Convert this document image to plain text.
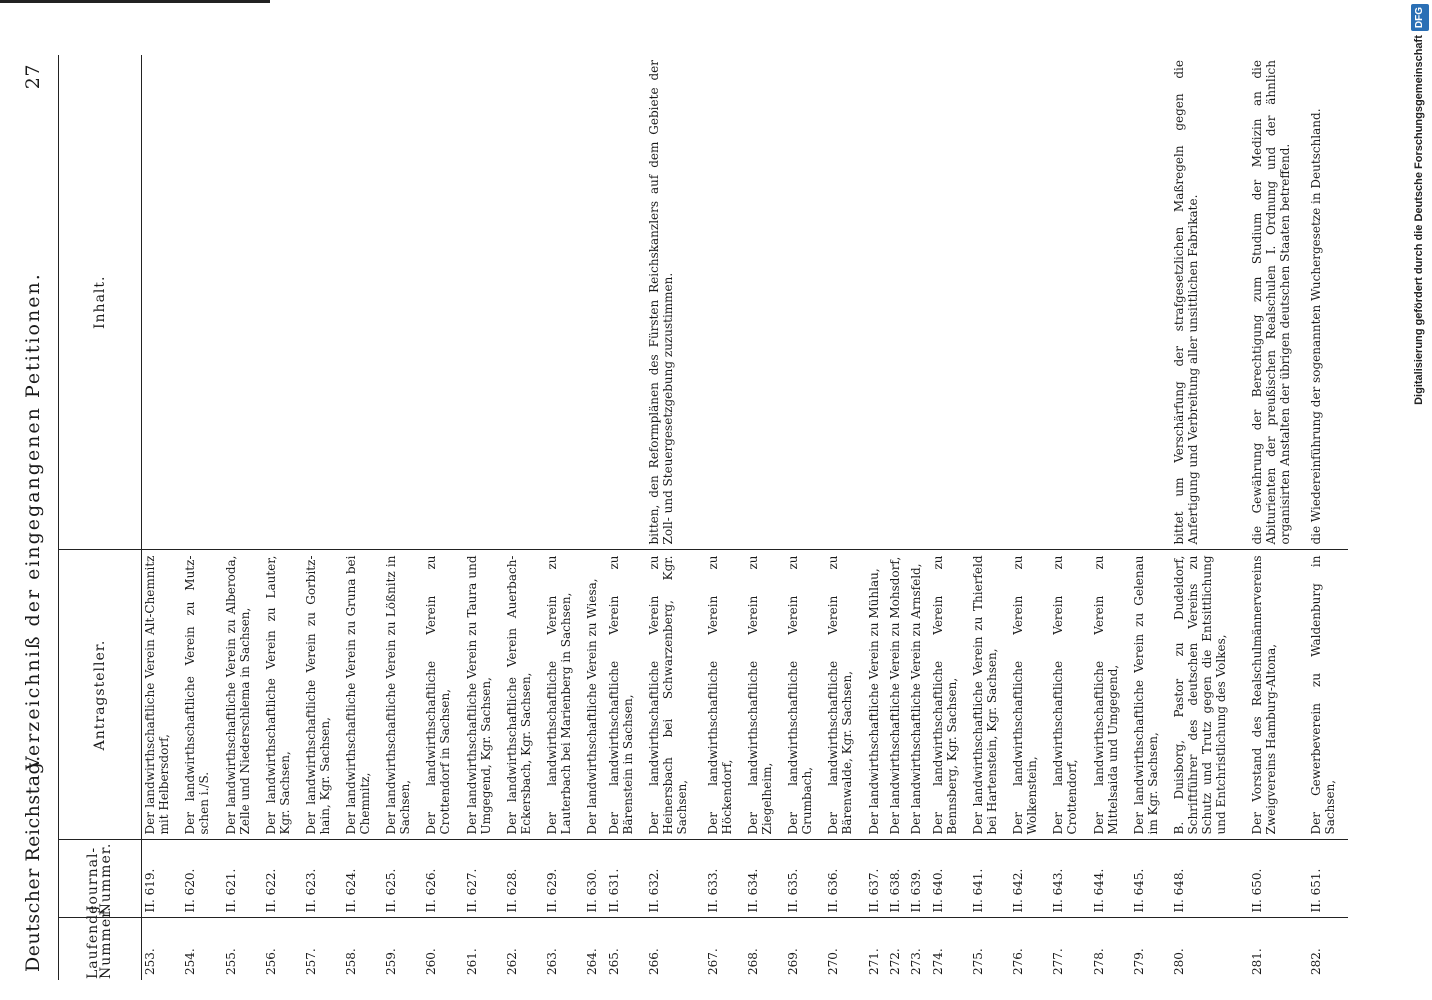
Deutscher Reichstag.
Verzeichniß der eingegangenen Petitionen.
27
Laufende Nummer.	Journal-Nummer.	Antragsteller.	Inhalt.

253.	II. 619.	Der landwirthschaftliche Verein Alt-Chemnitz mit Helbersdorf,	

254.	II. 620.	Der landwirthschaftliche Verein zu Mutz-schen i./S.	

255.	II. 621.	Der landwirthschaftliche Verein zu Alberoda, Zelle und Niederschlema in Sachsen,	

256.	II. 622.	Der landwirthschaftliche Verein zu Lauter, Kgr. Sachsen,	

257.	II. 623.	Der landwirthschaftliche Verein zu Gorbitz-hain, Kgr. Sachsen,	

258.	II. 624.	Der landwirthschaftliche Verein zu Gruna bei Chemnitz,	

259.	II. 625.	Der landwirthschaftliche Verein zu Lößnitz in Sachsen,	

260.	II. 626.	Der landwirthschaftliche Verein zu Crottendorf in Sachsen,	

261.	II. 627.	Der landwirthschaftliche Verein zu Taura und Umgegend, Kgr. Sachsen,	

262.	II. 628.	Der landwirthschaftliche Verein Auerbach-Eckersbach, Kgr. Sachsen,	

263.	II. 629.	Der landwirthschaftliche Verein zu Lauterbach bei Marienberg in Sachsen,	

264.	II. 630.	Der landwirthschaftliche Verein zu Wiesa,	

265.	II. 631.	Der landwirthschaftliche Verein zu Bärenstein in Sachsen,	

266.	II. 632.	Der landwirthschaftliche Verein zu Heinersbach bei Schwarzenberg, Kgr. Sachsen,	bitten, den Reformplänen des Fürsten Reichskanzlers auf dem Gebiete der Zoll- und Steuergesetzgebung zuzustimmen.

267.	II. 633.	Der landwirthschaftliche Verein zu Höckendorf,	

268.	II. 634.	Der landwirthschaftliche Verein zu Ziegelheim,	

269.	II. 635.	Der landwirthschaftliche Verein zu Grumbach,	

270.	II. 636.	Der landwirthschaftliche Verein zu Bärenwalde, Kgr. Sachsen,	

271.	II. 637.	Der landwirthschaftliche Verein zu Mühlau,	

272.	II. 638.	Der landwirthschaftliche Verein zu Mohsdorf,	

273.	II. 639.	Der landwirthschaftliche Verein zu Arnsfeld,	

274.	II. 640.	Der landwirthschaftliche Verein zu Bennsberg, Kgr. Sachsen,	

275.	II. 641.	Der landwirthschaftliche Verein zu Thierfeld bei Hartenstein, Kgr. Sachsen,	

276.	II. 642.	Der landwirthschaftliche Verein zu Wolkenstein,	

277.	II. 643.	Der landwirthschaftliche Verein zu Crottendorf,	

278.	II. 644.	Der landwirthschaftliche Verein zu Mittelsaida und Umgegend,	

279.	II. 645.	Der landwirthschaftliche Verein zu Gelenau im Kgr. Sachsen,	

280.	II. 648.	B. Duisborg, Pastor zu Dudeldorf, Schriftführer des deutschen Vereins zu Schutz und Trutz gegen die Entsittlichung und Entchristlichung des Volkes,	bittet um Verschärfung der strafgesetzlichen Maßregeln gegen die Anfertigung und Verbreitung aller unsittlichen Fabrikate.

281.	II. 650.	Der Vorstand des Realschulmännervereins Zweigvereins Hamburg-Altona,	die Gewährung der Berechtigung zum Studium der Medizin an die Abiturienten der preußischen Realschulen I. Ordnung und der ähnlich organisirten Anstalten der übrigen deutschen Staaten betreffend.

282.	II. 651.	Der Gewerbeverein zu Waldenburg in Sachsen,	die Wiedereinführung der sogenannten Wuchergesetze in Deutschland.	Digitalisierung gefördert durch die Deutsche ForschungsgemeinschaftDFG
